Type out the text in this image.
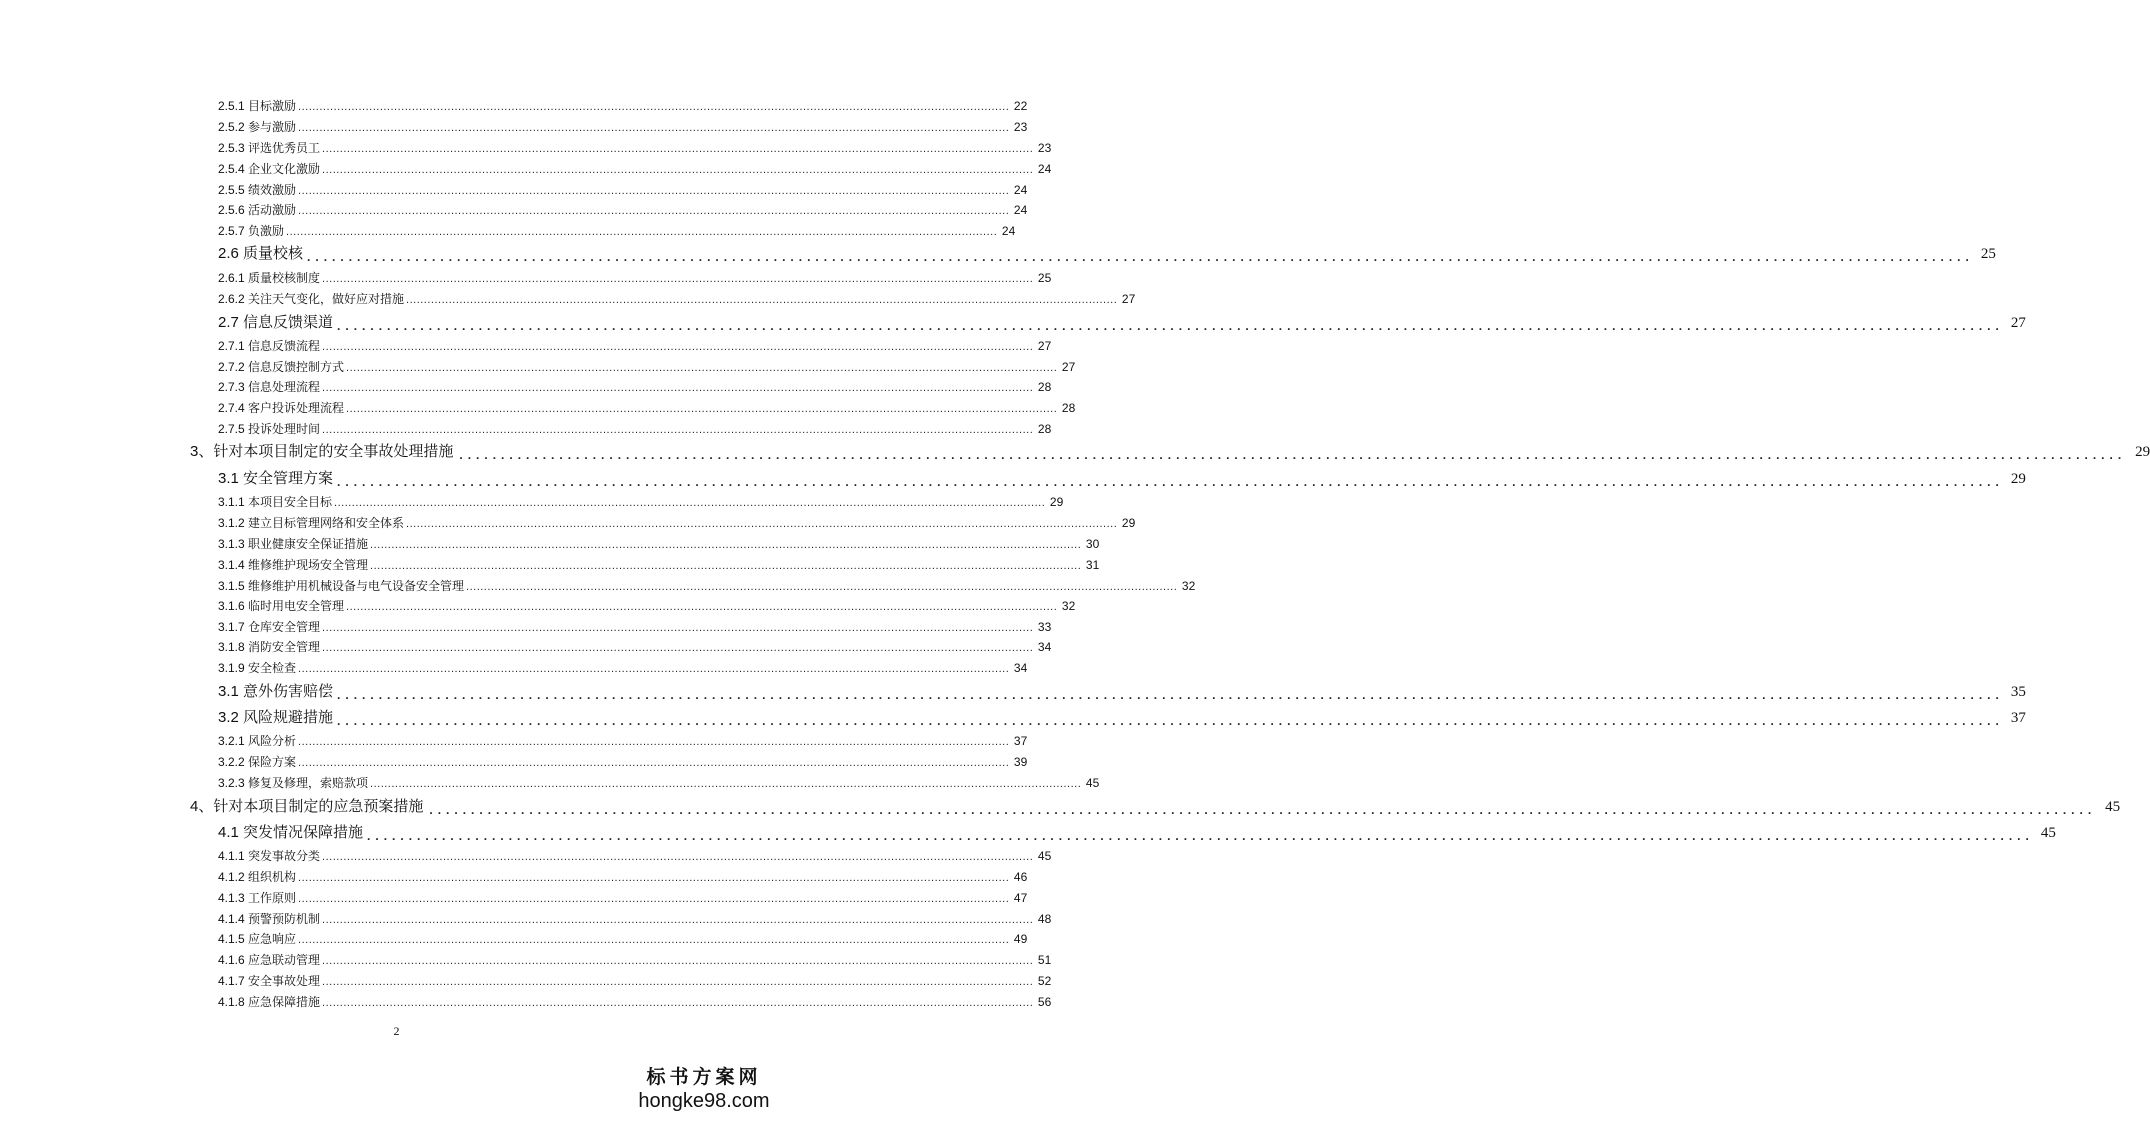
2.5.1 目标激励 ........................................................................................................................................................................................................ 22
2.5.2 参与激励 ........................................................................................................................................................................................................ 23
2.5.3 评选优秀员工 ........................................................................................................................................................................................................ 23
2.5.4 企业文化激励 ........................................................................................................................................................................................................ 24
2.5.5 绩效激励 ........................................................................................................................................................................................................ 24
2.5.6 活动激励 ........................................................................................................................................................................................................ 24
2.5.7 负激励 ........................................................................................................................................................................................................ 24
2.6 质量校核 ........................................................................................................................................................................................................ 25
2.6.1 质量校核制度 ........................................................................................................................................................................................................ 25
2.6.2 关注天气变化，做好应对措施 ........................................................................................................................................................................................................ 27
2.7 信息反馈渠道 ........................................................................................................................................................................................................ 27
2.7.1 信息反馈流程 ........................................................................................................................................................................................................ 27
2.7.2 信息反馈控制方式 ........................................................................................................................................................................................................ 27
2.7.3 信息处理流程 ........................................................................................................................................................................................................ 28
2.7.4 客户投诉处理流程 ........................................................................................................................................................................................................ 28
2.7.5 投诉处理时间 ........................................................................................................................................................................................................ 28
3、针对本项目制定的安全事故处理措施 ........................................................................................................................................................................................................ 29
3.1 安全管理方案 ........................................................................................................................................................................................................ 29
3.1.1 本项目安全目标 ........................................................................................................................................................................................................ 29
3.1.2 建立目标管理网络和安全体系 ........................................................................................................................................................................................................ 29
3.1.3 职业健康安全保证措施 ........................................................................................................................................................................................................ 30
3.1.4 维修维护现场安全管理 ........................................................................................................................................................................................................ 31
3.1.5 维修维护用机械设备与电气设备安全管理 ........................................................................................................................................................................................................ 32
3.1.6 临时用电安全管理 ........................................................................................................................................................................................................ 32
3.1.7 仓库安全管理 ........................................................................................................................................................................................................ 33
3.1.8 消防安全管理 ........................................................................................................................................................................................................ 34
3.1.9 安全检查 ........................................................................................................................................................................................................ 34
3.1 意外伤害赔偿 ........................................................................................................................................................................................................ 35
3.2 风险规避措施 ........................................................................................................................................................................................................ 37
3.2.1 风险分析 ........................................................................................................................................................................................................ 37
3.2.2 保险方案 ........................................................................................................................................................................................................ 39
3.2.3 修复及修理，索赔款项 ........................................................................................................................................................................................................ 45
4、针对本项目制定的应急预案措施 ........................................................................................................................................................................................................ 45
4.1 突发情况保障措施 ........................................................................................................................................................................................................ 45
4.1.1 突发事故分类 ........................................................................................................................................................................................................ 45
4.1.2 组织机构 ........................................................................................................................................................................................................ 46
4.1.3 工作原则 ........................................................................................................................................................................................................ 47
4.1.4 预警预防机制 ........................................................................................................................................................................................................ 48
4.1.5 应急响应 ........................................................................................................................................................................................................ 49
4.1.6 应急联动管理 ........................................................................................................................................................................................................ 51
4.1.7 安全事故处理 ........................................................................................................................................................................................................ 52
4.1.8 应急保障措施 ........................................................................................................................................................................................................ 56
2
标书方案网
hongke98.com
